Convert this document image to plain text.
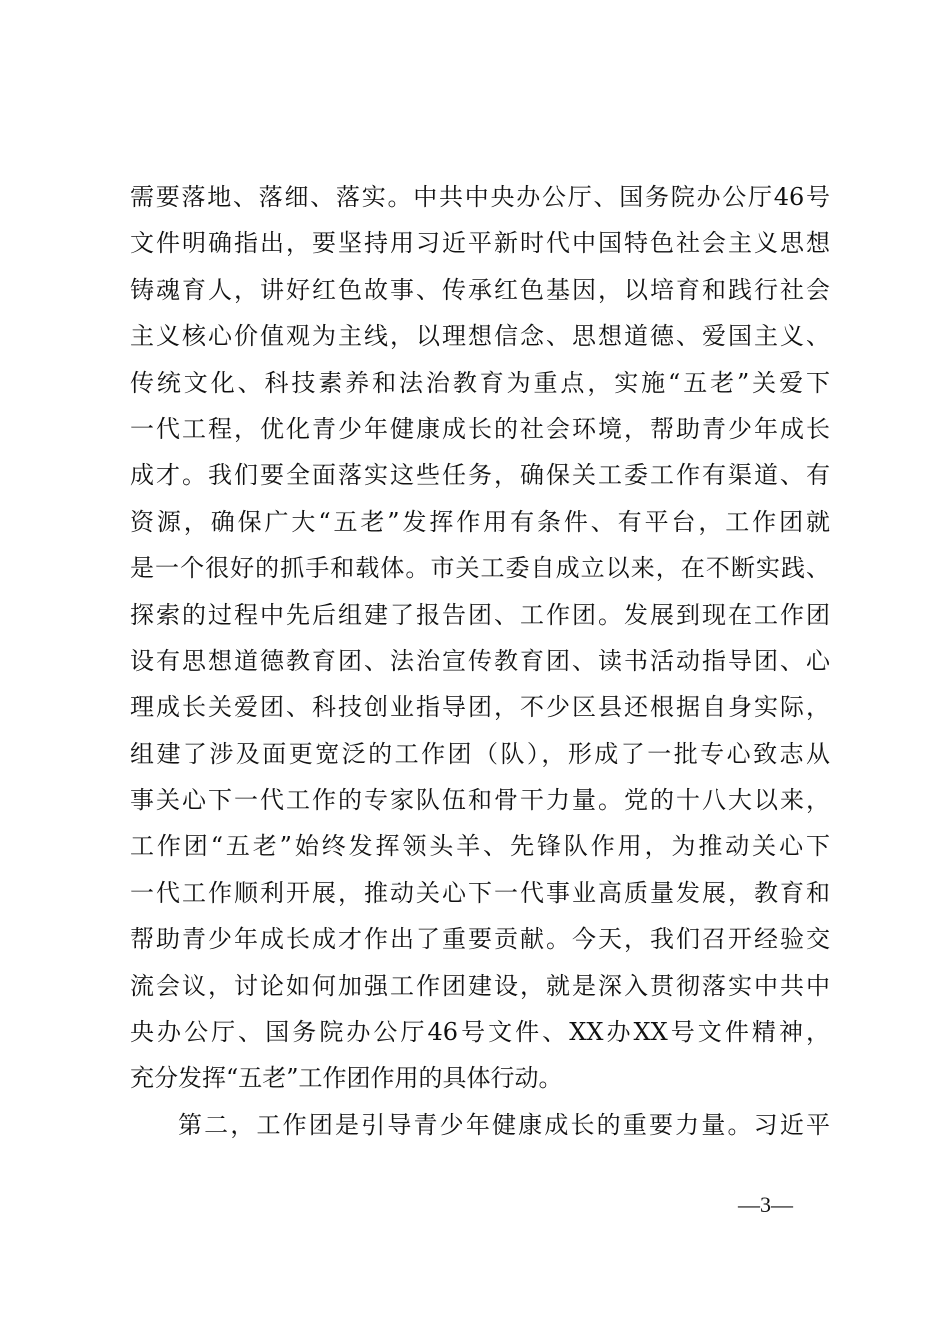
需要落地、落细、落实。中共中央办公厅、国务院办公厅46号
文件明确指出，要坚持用习近平新时代中国特色社会主义思想
铸魂育人，讲好红色故事、传承红色基因，以培育和践行社会
主义核心价值观为主线，以理想信念、思想道德、爱国主义、
传统文化、科技素养和法治教育为重点，实施“五老”关爱下
一代工程，优化青少年健康成长的社会环境，帮助青少年成长
成才。我们要全面落实这些任务，确保关工委工作有渠道、有
资源，确保广大“五老”发挥作用有条件、有平台，工作团就
是一个很好的抓手和载体。市关工委自成立以来，在不断实践、
探索的过程中先后组建了报告团、工作团。发展到现在工作团
设有思想道德教育团、法治宣传教育团、读书活动指导团、心
理成长关爱团、科技创业指导团，不少区县还根据自身实际，
组建了涉及面更宽泛的工作团（队），形成了一批专心致志从
事关心下一代工作的专家队伍和骨干力量。党的十八大以来，
工作团“五老”始终发挥领头羊、先锋队作用，为推动关心下
一代工作顺利开展，推动关心下一代事业高质量发展，教育和
帮助青少年成长成才作出了重要贡献。今天，我们召开经验交
流会议，讨论如何加强工作团建设，就是深入贯彻落实中共中
央办公厅、国务院办公厅46号文件、XX办XX号文件精神，
充分发挥“五老”工作团作用的具体行动。
第二，工作团是引导青少年健康成长的重要力量。习近平
—3—
